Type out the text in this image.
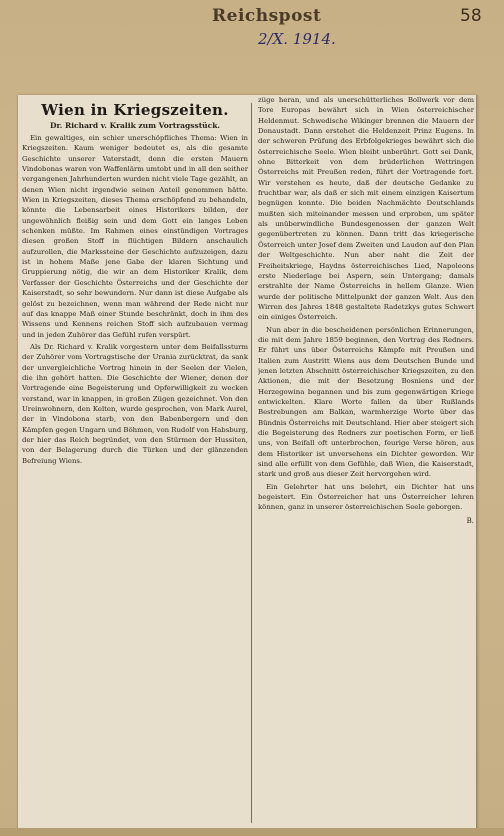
Reichspost	58
2/X. 1914.
Wien in Kriegszeiten.
Dr. Richard v. Kralik zum Vortragsstück.

Ein gewaltiges, ein schier unerschöpfliches Thema: Wien in Kriegszeiten. Kaum weniger bedeutet es, als die gesamte Geschichte unserer Vaterstadt, denn die ersten Mauern Vindobonas waren von Waffenlärm umtobt und in all den seither vergangenen Jahrhunderten wurden nicht viele Tage gezählt, an denen Wien nicht irgendwie seinen Anteil genommen hätte. Wien in Kriegszeiten, dieses Thema erschöpfend zu behandeln, könnte die Lebensarbeit eines Historikers bilden, der ungewöhnlich fleißig sein und dem Gott ein langes Leben schenken müßte. Im Rahmen eines einstündigen Vortrages diesen großen Stoff in flüchtigen Bildern anschaulich aufzurollen, die Markssteine der Geschichte aufzuzeigen, dazu ist in hohem Maße jene Gabe der klaren Sichtung und Gruppierung nötig, die wir an dem Historiker Kralik, dem Verfasser der Geschichte Österreichs und der Geschichte der Kaiserstadt, so sehr bewundern. Nur dann ist diese Aufgabe als gelöst zu bezeichnen, wenn man während der Rede nicht nur auf das knappe Maß einer Stunde beschränkt, doch in ihm des Wissens und Kennens reichen Stoff sich aufzubauen vermag und in jeden Zuhörer das Gefühl rufen verspürt.

Als Dr. Richard v. Kralik vorgestern unter dem Beifallssturm der Zuhörer vom Vortragstische der Urania zurücktrat, da sank der unvergleichliche Vortrag hinein in der Seelen der Vielen, die ihn gehört hatten. Die Geschichte der Wiener, denen der Vortragende eine Begeisterung und Opferwilligkeit zu wecken verstand, war in knappen, in großen Zügen gezeichnet. Von den Ureinwohnern, den Kelten, wurde gesprochen, von Mark Aurel, der in Vindobona starb, von den Babenbergern und den Kämpfen gegen Ungarn und Böhmen, von Rudolf von Habsburg, der hier das Reich begründet, von den Stürmen der Hussiten, von der Belagerung durch die Türken und der glänzenden Befreiung Wiens.

züge heran, und als unerschütterliches Bollwerk vor dem Tore Europas bewährt sich in Wien österreichischer Heldenmut. Schwedische Wikinger brennen die Mauern der Donaustadt. Dann erstehet die Heldenzeit Prinz Eugens. In der schweren Prüfung des Erbfolgekrieges bewährt sich die österreichische Seele. Wien bleibt unberührt. Gott sei Dank, ohne Bitterkeit von dem brüderlichen Wettringen Österreichs mit Preußen reden, führt der Vortragende fort. Wir verstehen es heute, daß der deutsche Gedanke zu fruchtbar war, als daß er sich mit einem einzigen Kaisertum begnügen konnte. Die beiden Nachmächte Deutschlands mußten sich miteinander messen und erproben, um später als unüberwindliche Bundesgenossen der ganzen Welt gegenübertreten zu können. Dann tritt das kriegerische Österreich unter Josef dem Zweiten und Laudon auf den Plan der Weltgeschichte. Nun aber naht die Zeit der Freiheitskriege, Haydns österreichisches Lied, Napoleons erste Niederlage bei Aspern, sein Untergang; damals erstrahlte der Name Österreichs in hellem Glanze. Wien wurde der politische Mittelpunkt der ganzen Welt. Aus den Wirren des Jahres 1848 gestaltete Radetzkys gutes Schwert ein einiges Österreich.

Nun aber in die bescheidenen persönlichen Erinnerungen, die mit dem Jahre 1859 beginnen, den Vortrag des Redners. Er führt uns über Österreichs Kämpfe mit Preußen und Italien zum Austritt Wiens aus dem Deutschen Bunde und jenen letzten Abschnitt österreichischer Kriegszeiten, zu den Aktionen, die mit der Besetzung Bosniens und der Herzegowina begannen und bis zum gegenwärtigen Kriege entwickelten. Klare Worte fallen da über Rußlands Bestrebungen am Balkan, warmherzige Worte über das Bündnis Österreichs mit Deutschland. Hier aber steigert sich die Begeisterung des Redners zur poetischen Form, er ließ uns, von Beifall oft unterbrochen, feurige Verse hören, aus dem Historiker ist unversehens ein Dichter geworden. Wir sind alle erfüllt von dem Gefühle, daß Wien, die Kaiserstadt, stark und groß aus dieser Zeit hervorgehen wird.

Ein Gelehrter hat uns belehrt, ein Dichter hat uns begeistert. Ein Österreicher hat uns Österreicher lehren können, ganz in unserer österreichischen Seele geborgen.

B.
